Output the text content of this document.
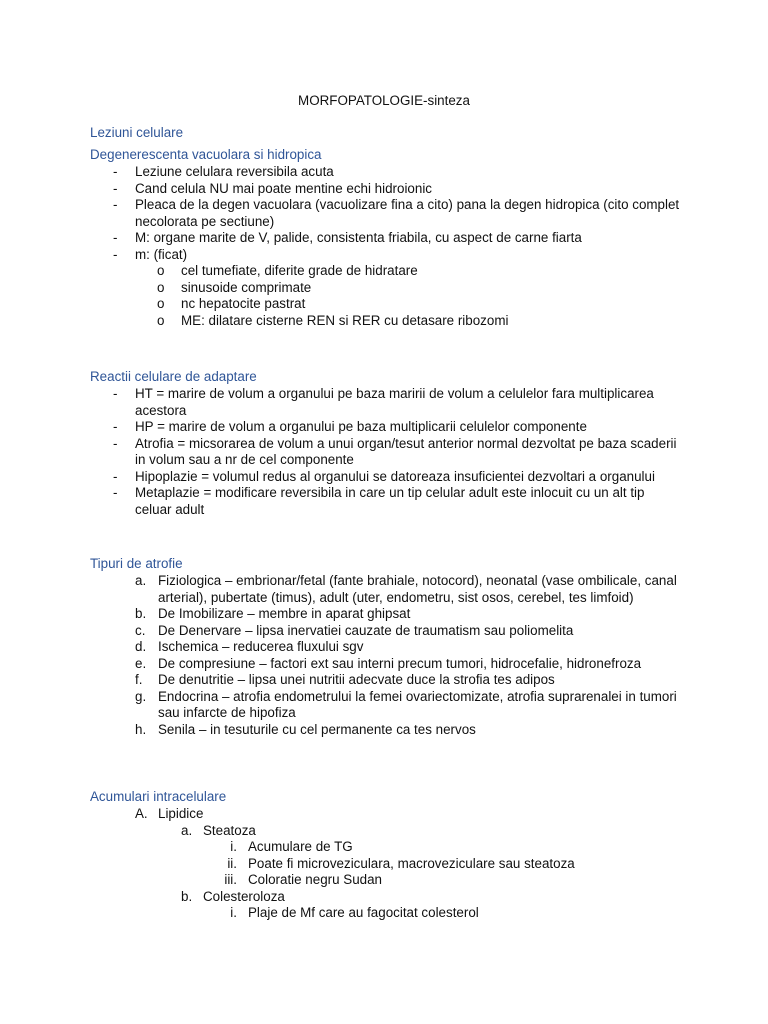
MORFOPATOLOGIE-sinteza
Leziuni celulare
Degenerescenta vacuolara si hidropica
- Leziune celulara reversibila acuta
- Cand celula NU mai poate mentine echi hidroionic
- Pleaca de la degen vacuolara (vacuolizare fina a cito) pana la degen hidropica (cito complet necolorata pe sectiune)
- M: organe marite de V, palide, consistenta friabila, cu aspect de carne fiarta
- m: (ficat)
o cel tumefiate, diferite grade de hidratare
o sinusoide comprimate
o nc hepatocite pastrat
o ME: dilatare cisterne REN si RER cu detasare ribozomi
Reactii celulare de adaptare
- HT = marire de volum a organului pe baza maririi de volum a celulelor fara multiplicarea acestora
- HP = marire de volum a organului pe baza multiplicarii celulelor componente
- Atrofia = micsorarea de volum a unui organ/tesut anterior normal dezvoltat pe baza scaderii in volum sau a nr de cel componente
- Hipoplazie = volumul redus al organului se datoreaza insuficientei dezvoltari a organului
- Metaplazie = modificare reversibila in care un tip celular adult este inlocuit cu un alt tip celuar adult
Tipuri de atrofie
a. Fiziologica – embrionar/fetal (fante brahiale, notocord), neonatal (vase ombilicale, canal arterial), pubertate (timus), adult (uter, endometru, sist osos, cerebel, tes limfoid)
b. De Imobilizare – membre in aparat ghipsat
c. De Denervare – lipsa inervatiei cauzate de traumatism sau poliomelita
d. Ischemica – reducerea fluxului sgv
e. De compresiune – factori ext sau interni precum tumori, hidrocefalie, hidronefroza
f. De denutritie – lipsa unei nutritii adecvate duce la strofia tes adipos
g. Endocrina – atrofia endometrului la femei ovariectomizate, atrofia suprarenalei in tumori sau infarcte de hipofiza
h. Senila – in tesuturile cu cel permanente ca tes nervos
Acumulari intracelulare
A. Lipidice
a. Steatoza
i. Acumulare de TG
ii. Poate fi microveziculara, macroveziculare sau steatoza
iii. Coloratie negru Sudan
b. Colesteroloza
i. Plaje de Mf care au fagocitat colesterol
